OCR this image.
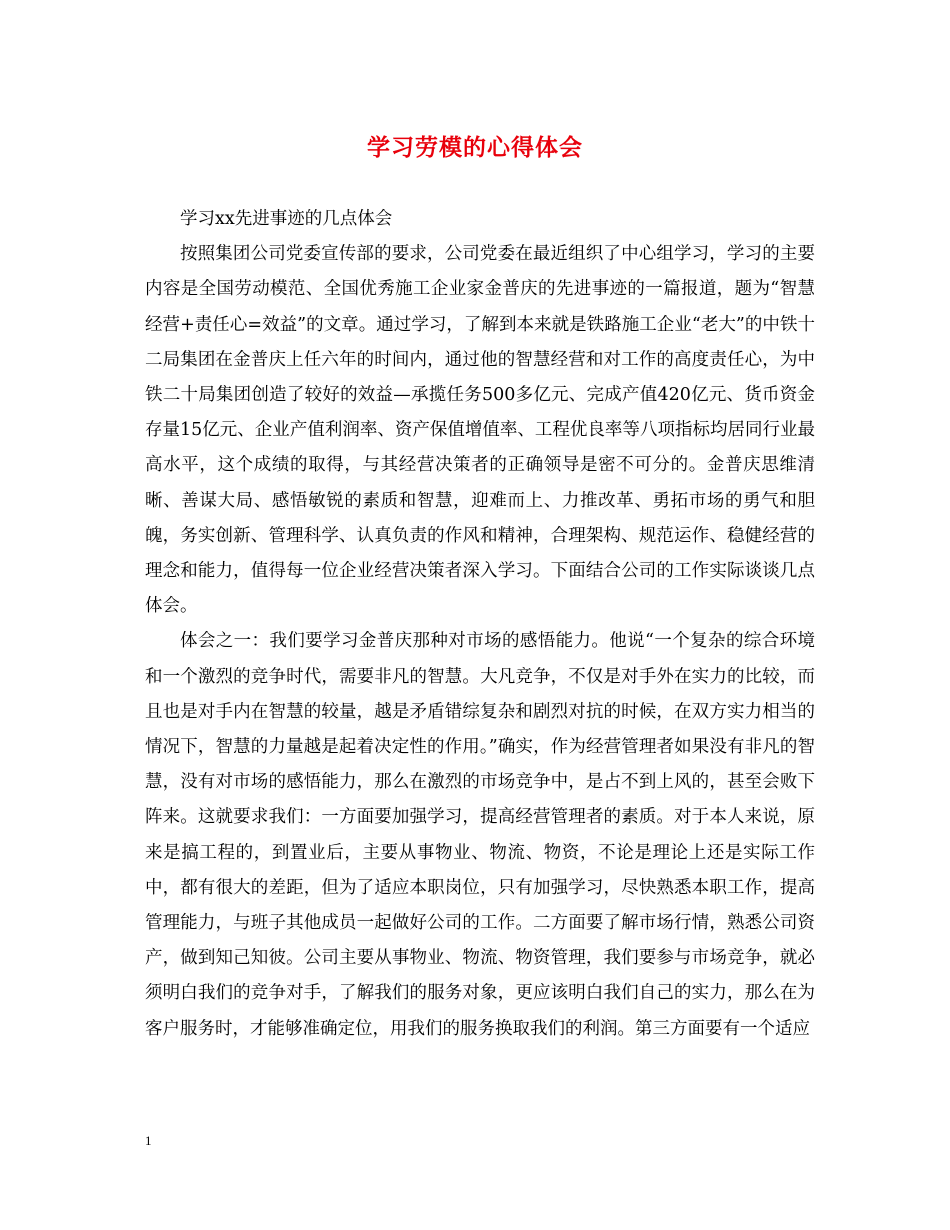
学习劳模的心得体会

学习xx先进事迹的几点体会

按照集团公司党委宣传部的要求，公司党委在最近组织了中心组学习，学习的主要内容是全国劳动模范、全国优秀施工企业家金普庆的先进事迹的一篇报道，题为“智慧经营+责任心=效益”的文章。通过学习，了解到本来就是铁路施工企业“老大”的中铁十二局集团在金普庆上任六年的时间内，通过他的智慧经营和对工作的高度责任心，为中铁二十局集团创造了较好的效益—承揽任务500多亿元、完成产值420亿元、货币资金存量15亿元、企业产值利润率、资产保值增值率、工程优良率等八项指标均居同行业最高水平，这个成绩的取得，与其经营决策者的正确领导是密不可分的。金普庆思维清晰、善谋大局、感悟敏锐的素质和智慧，迎难而上、力推改革、勇拓市场的勇气和胆魄，务实创新、管理科学、认真负责的作风和精神，合理架构、规范运作、稳健经营的理念和能力，值得每一位企业经营决策者深入学习。下面结合公司的工作实际谈谈几点体会。

体会之一：我们要学习金普庆那种对市场的感悟能力。他说“一个复杂的综合环境和一个激烈的竞争时代，需要非凡的智慧。大凡竞争，不仅是对手外在实力的比较，而且也是对手内在智慧的较量，越是矛盾错综复杂和剧烈对抗的时候，在双方实力相当的情况下，智慧的力量越是起着决定性的作用。”确实，作为经营管理者如果没有非凡的智慧，没有对市场的感悟能力，那么在激烈的市场竞争中，是占不到上风的，甚至会败下阵来。这就要求我们：一方面要加强学习，提高经营管理者的素质。对于本人来说，原来是搞工程的，到置业后，主要从事物业、物流、物资，不论是理论上还是实际工作中，都有很大的差距，但为了适应本职岗位，只有加强学习，尽快熟悉本职工作，提高管理能力，与班子其他成员一起做好公司的工作。二方面要了解市场行情，熟悉公司资产，做到知己知彼。公司主要从事物业、物流、物资管理，我们要参与市场竞争，就必须明白我们的竞争对手，了解我们的服务对象，更应该明白我们自己的实力，那么在为客户服务时，才能够准确定位，用我们的服务换取我们的利润。第三方面要有一个适应

1
